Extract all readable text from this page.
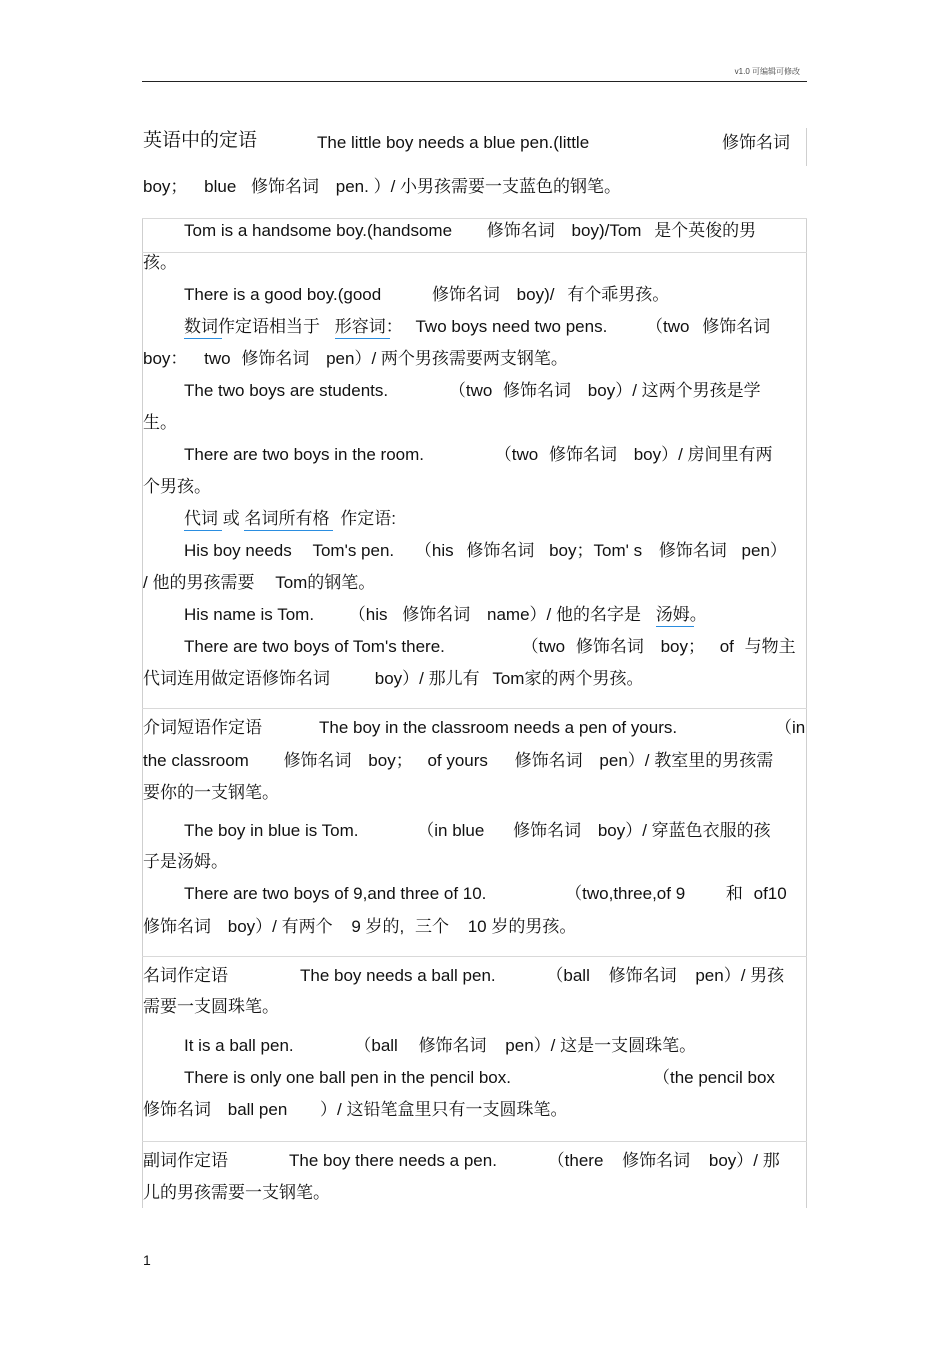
v1.0 可编辑可修改
英语中的定语	The little boy needs a blue pen.(little	修饰名词
boy； blue 修饰名词 pen. ）/ 小男孩需要一支蓝色的钢笔。
Tom is a handsome boy.(handsome 修饰名词 boy)/Tom 是个英俊的男
孩。
There is a good boy.(good	修饰名词 boy)/ 有个乖男孩。
数词作定语相当于 形容词： Two boys need two pens. （two 修饰名词
boy： two 修饰名词 pen）/ 两个男孩需要两支钢笔。
The two boys are students.	（two 修饰名词 boy）/ 这两个男孩是学
生。
There are two boys in the room.	（two 修饰名词 boy）/ 房间里有两
个男孩。
代词 或 名词所有格 作定语:
His boy needs Tom's pen. （his 修饰名词 boy；Tom' s 修饰名词 pen）
/ 他的男孩需要 Tom的钢笔。
His name is Tom. （his 修饰名词 name）/ 他的名字是 汤姆。
There are two boys of Tom's there.	（two 修饰名词 boy； of 与物主
代词连用做定语修饰名词	boy）/ 那儿有 Tom家的两个男孩。
介词短语作定语	The boy in the classroom needs a pen of yours.	（in
the classroom 修饰名词 boy； of yours 修饰名词 pen）/ 教室里的男孩需
要你的一支钢笔。
The boy in blue is Tom.	（in blue 修饰名词 boy）/ 穿蓝色衣服的孩
子是汤姆。
There are two boys of 9,and three of 10.	（two,three,of 9 和 of10
修饰名词 boy）/ 有两个 9 岁的, 三个 10 岁的男孩。
名词作定语	The boy needs a ball pen.	（ball 修饰名词 pen）/ 男孩
需要一支圆珠笔。
It is a ball pen.	（ball 修饰名词 pen）/ 这是一支圆珠笔。
There is only one ball pen in the pencil box.	（the pencil box
修饰名词 ball pen ）/ 这铅笔盒里只有一支圆珠笔。
副词作定语	The boy there needs a pen.	（there 修饰名词 boy）/ 那
儿的男孩需要一支钢笔。
1
